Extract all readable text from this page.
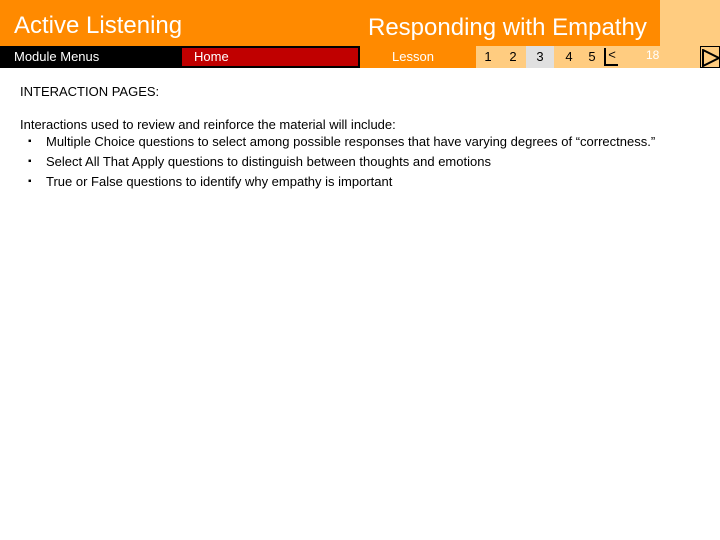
Active Listening	Responding with Empathy
Module Menus	Home	Lesson	1	2	3	4	5 <	18
INTERACTION PAGES:

Interactions used to review and reinforce the material will include:

▪ Multiple Choice questions to select among possible responses that have varying degrees of “correctness.”
▪ Select All That Apply questions to distinguish between thoughts and emotions
▪ True or False questions to identify why empathy is important
